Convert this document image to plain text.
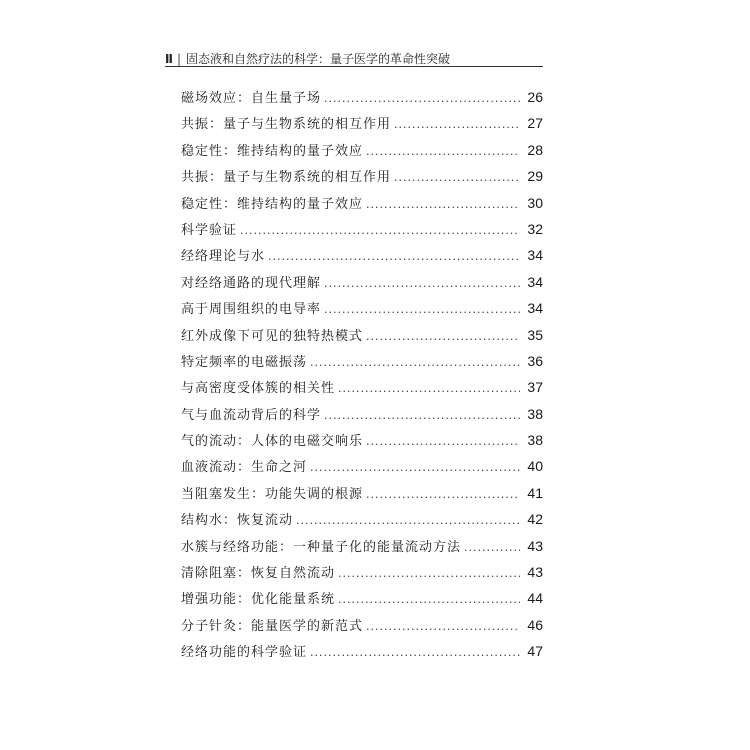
II | 固态液和自然疗法的科学：量子医学的革命性突破
磁场效应：自生量子场 .....	26
共振：量子与生物系统的相互作用 .....	27
稳定性：维持结构的量子效应 .....	28
共振：量子与生物系统的相互作用 .....	29
稳定性：维持结构的量子效应 .....	30
科学验证 .....	32
经络理论与水 .....	34
对经络通路的现代理解 .....	34
高于周围组织的电导率 .....	34
红外成像下可见的独特热模式 .....	35
特定频率的电磁振荡 .....	36
与高密度受体簇的相关性 .....	37
气与血流动背后的科学 .....	38
气的流动：人体的电磁交响乐 .....	38
血液流动：生命之河 .....	40
当阻塞发生：功能失调的根源 .....	41
结构水：恢复流动 .....	42
水簇与经络功能：一种量子化的能量流动方法 .....	43
清除阻塞：恢复自然流动 .....	43
增强功能：优化能量系统 .....	44
分子针灸：能量医学的新范式 .....	46
经络功能的科学验证 .....	47
